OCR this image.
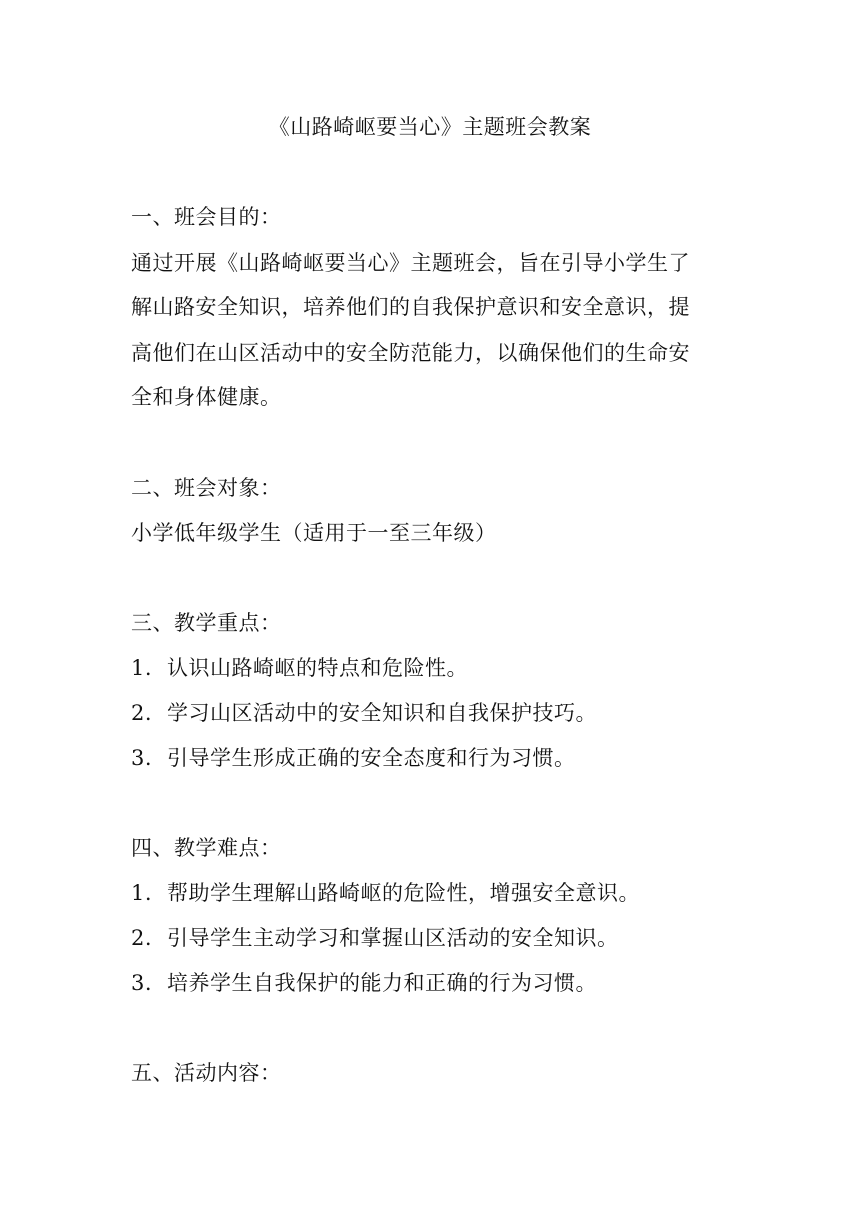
《山路崎岖要当心》主题班会教案
一、班会目的：
通过开展《山路崎岖要当心》主题班会，旨在引导小学生了
解山路安全知识，培养他们的自我保护意识和安全意识，提
高他们在山区活动中的安全防范能力，以确保他们的生命安
全和身体健康。
二、班会对象：
小学低年级学生（适用于一至三年级）
三、教学重点：
1. 认识山路崎岖的特点和危险性。
2. 学习山区活动中的安全知识和自我保护技巧。
3. 引导学生形成正确的安全态度和行为习惯。
四、教学难点：
1. 帮助学生理解山路崎岖的危险性，增强安全意识。
2. 引导学生主动学习和掌握山区活动的安全知识。
3. 培养学生自我保护的能力和正确的行为习惯。
五、活动内容：
